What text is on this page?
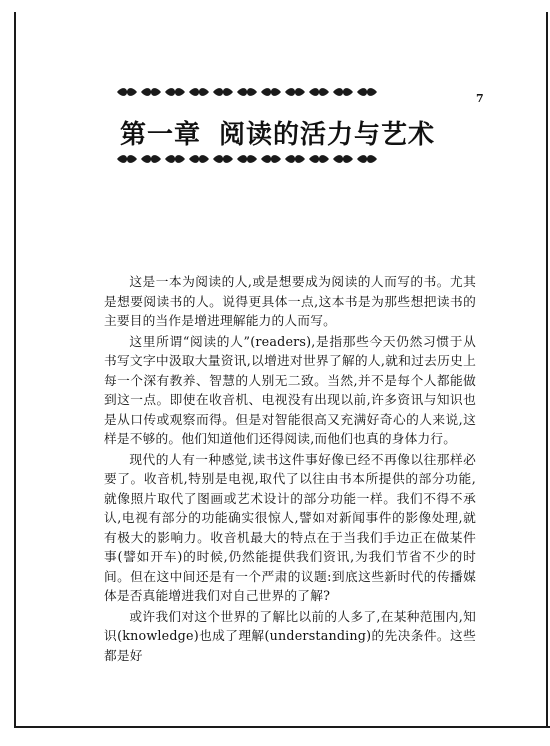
7
第一章 阅读的活力与艺术

这是一本为阅读的人,或是想要成为阅读的人而写的书。尤其是想要阅读书的人。说得更具体一点,这本书是为那些想把读书的主要目的当作是增进理解能力的人而写。

这里所谓“阅读的人”(readers),是指那些今天仍然习惯于从书写文字中汲取大量资讯,以增进对世界了解的人,就和过去历史上每一个深有教养、智慧的人别无二致。当然,并不是每个人都能做到这一点。即使在收音机、电视没有出现以前,许多资讯与知识也是从口传或观察而得。但是对智能很高又充满好奇心的人来说,这样是不够的。他们知道他们还得阅读,而他们也真的身体力行。

现代的人有一种感觉,读书这件事好像已经不再像以往那样必要了。收音机,特别是电视,取代了以往由书本所提供的部分功能,就像照片取代了图画或艺术设计的部分功能一样。我们不得不承认,电视有部分的功能确实很惊人,譬如对新闻事件的影像处理,就有极大的影响力。收音机最大的特点在于当我们手边正在做某件事(譬如开车)的时候,仍然能提供我们资讯,为我们节省不少的时间。但在这中间还是有一个严肃的议题:到底这些新时代的传播媒体是否真能增进我们对自己世界的了解?

或许我们对这个世界的了解比以前的人多了,在某种范围内,知识(knowledge)也成了理解(understanding)的先决条件。这些都是好
